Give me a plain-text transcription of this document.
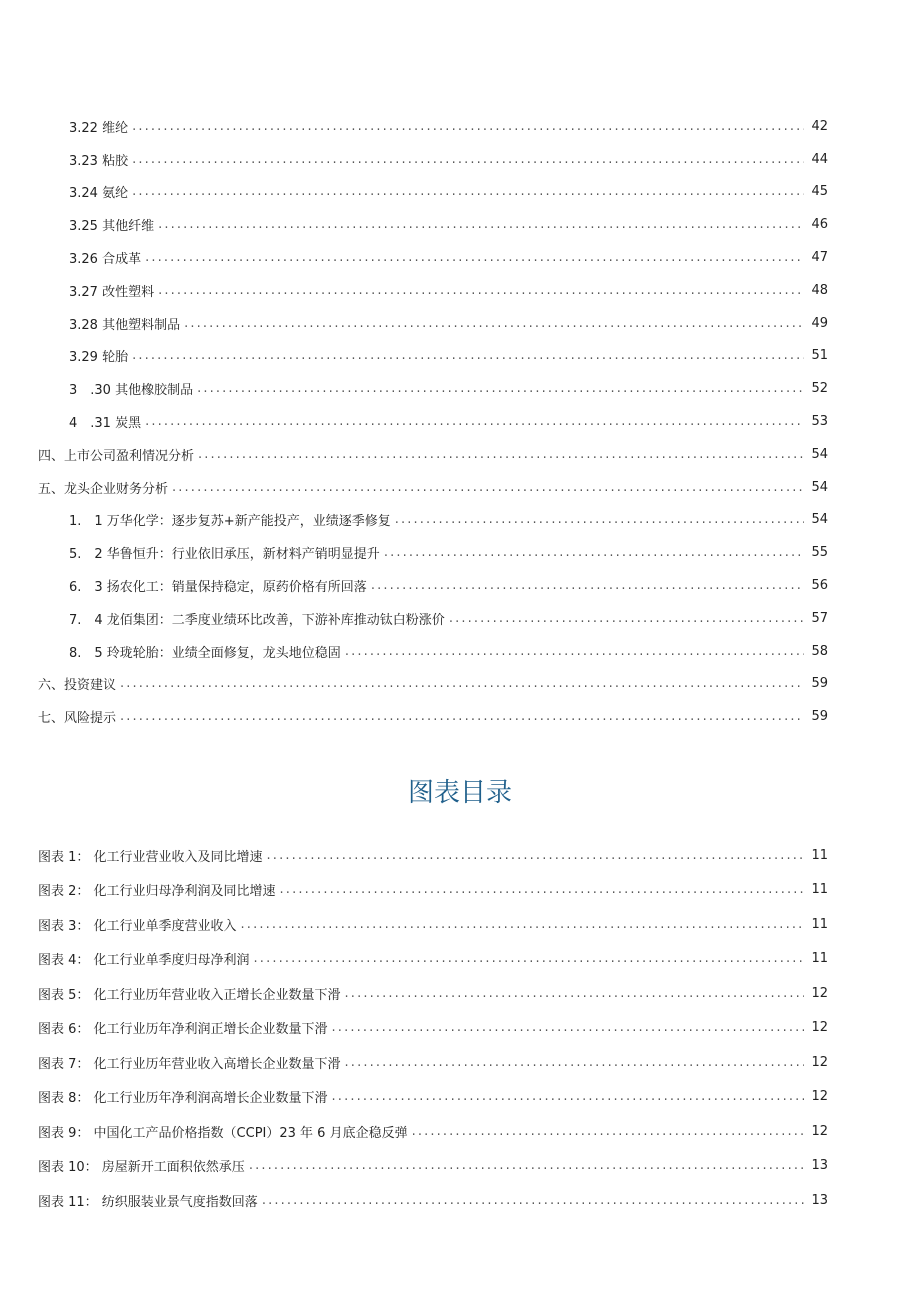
3.22 维纶 . . .	42
3.23 粘胶 . . .	44
3.24 氨纶 . . .	45
3.25 其他纤维 . . .	46
3.26 合成革 . . .	47
3.27 改性塑料 . . .	48
3.28 其他塑料制品 . . .	49
3.29 轮胎 . . .	51
3　.30 其他橡胶制品 . . .	52
4　.31 炭黑 . . .	53
四、上市公司盈利情况分析 . . .	54
五、龙头企业财务分析 . . .	54
1.　1 万华化学：逐步复苏+新产能投产，业绩逐季修复 . . .	54
5.　2 华鲁恒升：行业依旧承压，新材料产销明显提升 . . .	55
6.　3 扬农化工：销量保持稳定，原药价格有所回落 . . .	56
7.　4 龙佰集团：二季度业绩环比改善，下游补库推动钛白粉涨价 . . .	57
8.　5 玲珑轮胎：业绩全面修复，龙头地位稳固 . . .	58
六、投资建议 . . .	59
七、风险提示 . . .	59
图表目录
图表 1： 化工行业营业收入及同比增速 . . .	11
图表 2： 化工行业归母净利润及同比增速 . . .	11
图表 3： 化工行业单季度营业收入 . . .	11
图表 4： 化工行业单季度归母净利润 . . .	11
图表 5： 化工行业历年营业收入正增长企业数量下滑 . . .	12
图表 6： 化工行业历年净利润正增长企业数量下滑 . . .	12
图表 7： 化工行业历年营业收入高增长企业数量下滑 . . .	12
图表 8： 化工行业历年净利润高增长企业数量下滑 . . .	12
图表 9： 中国化工产品价格指数（CCPI）23 年 6 月底企稳反弹 . . .	12
图表 10： 房屋新开工面积依然承压 . . .	13
图表 11： 纺织服装业景气度指数回落 . . .	13
